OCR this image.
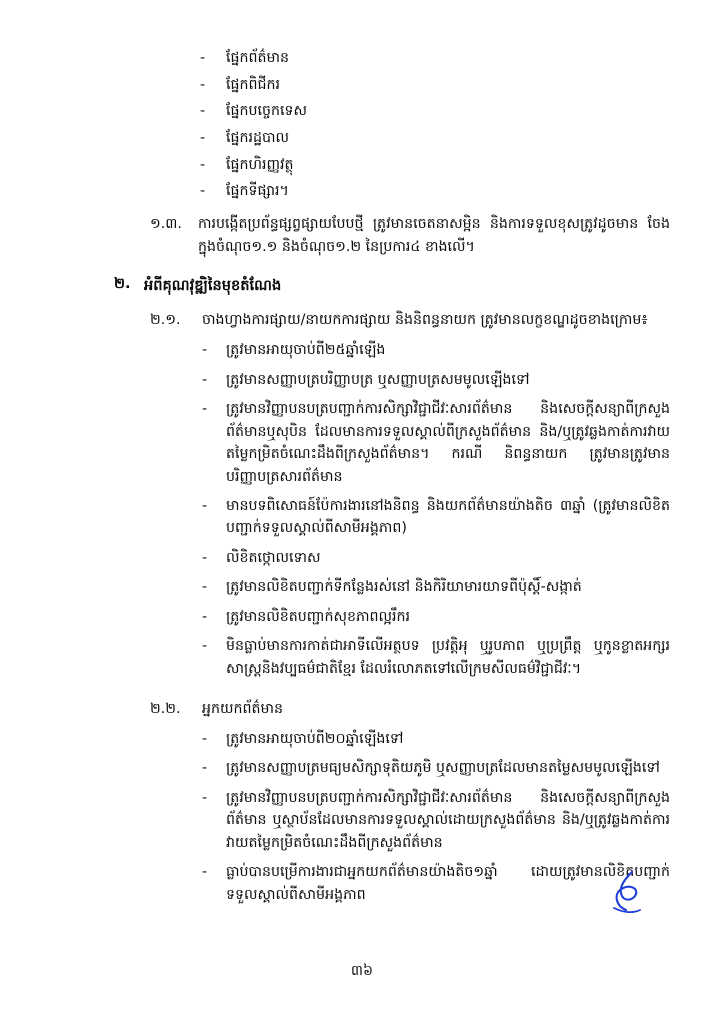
-	ផ្នែកព័ត៌មាន
-	ផ្នែកពិជីករ
-	ផ្នែកបច្ចេកទេស
-	ផ្នែករដ្ឋបាល
-	ផ្នែកហិរញ្ញវត្ថុ
-	ផ្នែកទីផ្សារ។
១.៣.	ការបង្កើតប្រព័ន្ធផ្សព្វផ្សាយបែបថ្មី ត្រូវមានចេតនាសម្អិន និងការទទួលខុសត្រូវដូចមាន ចែងក្នុងចំណុច១.១ និងចំណុច១.២ នៃប្រការ៤ ខាងលើ។
២. អំពីគុណវុឌ្ឍិនៃមុខតំណែង
២.១.	ចាងហ្វាងការផ្សាយ/នាយកការផ្សាយ និងនិពន្ធនាយក ត្រូវមានលក្ខខណ្ឌដូចខាងក្រោម៖
-	ត្រូវមានអាយុចាប់ពី២៥ឆ្នាំឡើង
-	ត្រូវមានសញ្ញាបត្របរិញ្ញាបត្រ ឬសញ្ញាបត្រសមមូលឡើងទៅ
-	ត្រូវមានវិញ្ញាបនបត្របញ្ជាក់ការសិក្សាវិជ្ជាជីវៈសារព័ត៌មាន និងសេចក្តីសន្យាពីក្រសួងព័ត៌មានឬសុបិន ដែលមានការទទួលស្គាល់ពីក្រសួងព័ត៌មាន និង/ឬត្រូវឆ្លងកាត់ការវាយតម្លៃកម្រិតចំណេះដឹងពីក្រសួងព័ត៌មាន។ ករណី និពន្ធនាយក ត្រូវមានត្រូវមានបរិញ្ញាបត្រសារព័ត៌មាន
-	មានបទពិសោធន៍ប៉ែការងារនៅងនិពន្ធ និងយកព័ត៌មានយ៉ាងតិច ៣ឆ្នាំ (ត្រូវមានលិខិតបញ្ជាក់ទទួលស្គាល់ពីសាមីអង្គភាព)
-	លិខិតថ្កោលទោស
-	ត្រូវមានលិខិតបញ្ជាក់ទីកន្លែងរស់នៅ និងកិរិយាមារយាទពីប៉ុស្តិ៍-សង្កាត់
-	ត្រូវមានលិខិតបញ្ជាក់សុខភាពល្អរឹករ
-	មិនធ្លាប់មានការកាត់ជាអាទីលើអត្ថបទ ប្រវត្តិអុ ឬរូបភាព ឬប្រព្រឹត្ត ឬកូនខ្លាតអក្សរសាស្ត្រនិងវប្បធម៌ជាតិខ្មែរ ដែលរំលោភតទៅលើក្រមសីលធម៌វិជ្ជាជីវៈ។
២.២.	អ្នកយកព័ត៌មាន
-	ត្រូវមានអាយុចាប់ពី២០ឆ្នាំឡើងទៅ
-	ត្រូវមានសញ្ញាបត្រមធ្យមសិក្សាទុតិយភូមិ ឬសញ្ញាបត្រដែលមានតម្លៃសមមូលឡើងទៅ
-	ត្រូវមានវិញ្ញាបនបត្របញ្ជាក់ការសិក្សាវិជ្ជាជីវៈសារព័ត៌មាន និងសេចក្តីសន្យាពីក្រសួងព័ត៌មាន ឬស្ថាប័នដែលមានការទទួលស្គាល់ដោយក្រសួងព័ត៌មាន និង/ឬត្រូវឆ្លងកាត់ការវាយតម្លៃកម្រិតចំណេះដឹងពីក្រសួងព័ត៌មាន
-	ធ្លាប់បានបម្រើការងារជាអ្នកយកព័ត៌មានយ៉ាងតិច១ឆ្នាំ ដោយត្រូវមានលិខិតបញ្ជាក់ទទួលស្គាល់ពីសាមីអង្គភាព
៣៦
